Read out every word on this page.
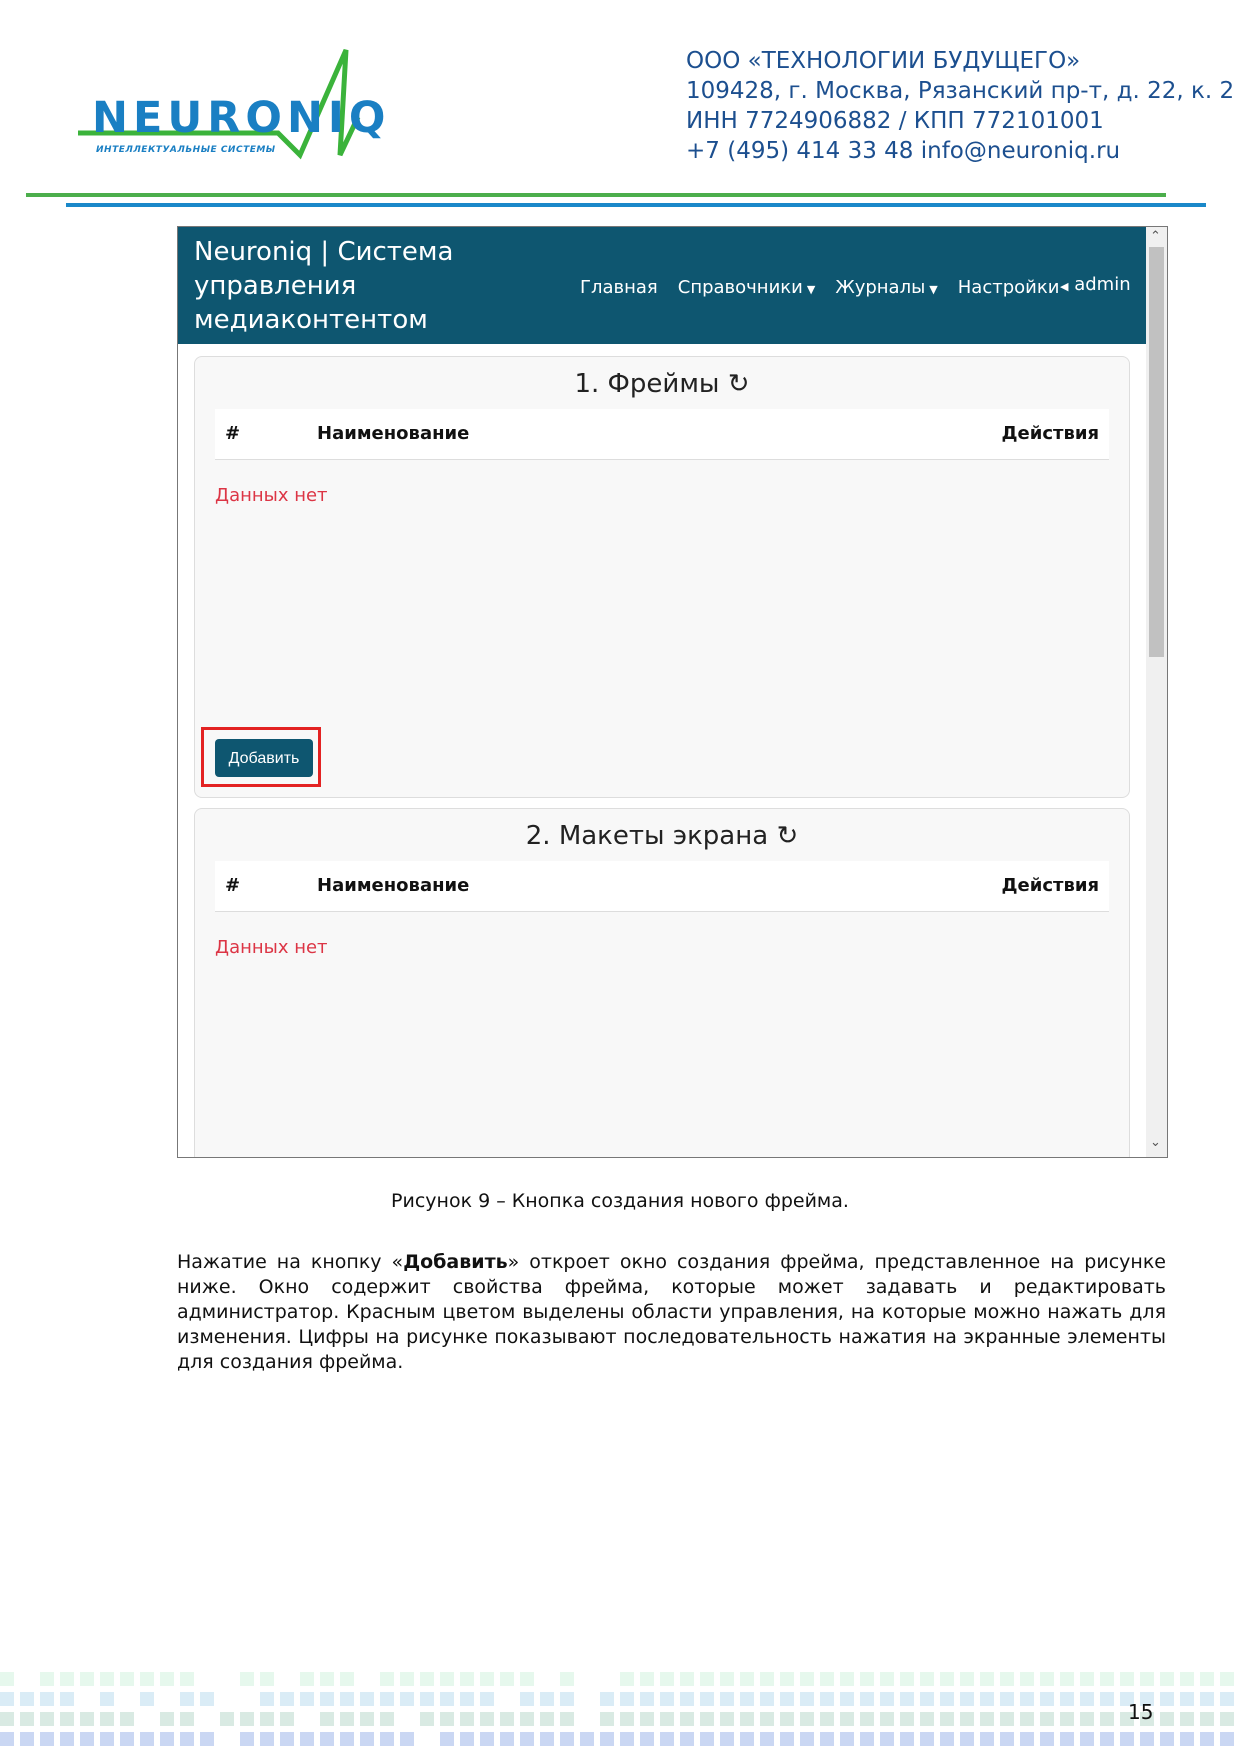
NEURONIQ
ИНТЕЛЛЕКТУАЛЬНЫЕ СИСТЕМЫ
ООО «ТЕХНОЛОГИИ БУДУЩЕГО»
109428, г. Москва, Рязанский пр-т, д. 22, к. 2
ИНН 7724906882 / КПП 772101001
+7 (495) 414 33 48 info@neuroniq.ru
Neuroniq | Система
управления
медиаконтентом
Главная Справочники ▼ Журналы ▼ Настройки ◀ admin
1. Фреймы ↻
#	Наименование	Действия
Данных нет
Добавить
2. Макеты экрана ↻
#	Наименование	Действия
Данных нет
⌃
⌄
Рисунок 9 – Кнопка создания нового фрейма.
Нажатие на кнопку «Добавить» откроет окно создания фрейма, представленное на рисунке ниже. Окно содержит свойства фрейма, которые может задавать и редактировать администратор. Красным цветом выделены области управления, на которые можно нажать для изменения. Цифры на рисунке показывают последовательность нажатия на экранные элементы для создания фрейма.
15
